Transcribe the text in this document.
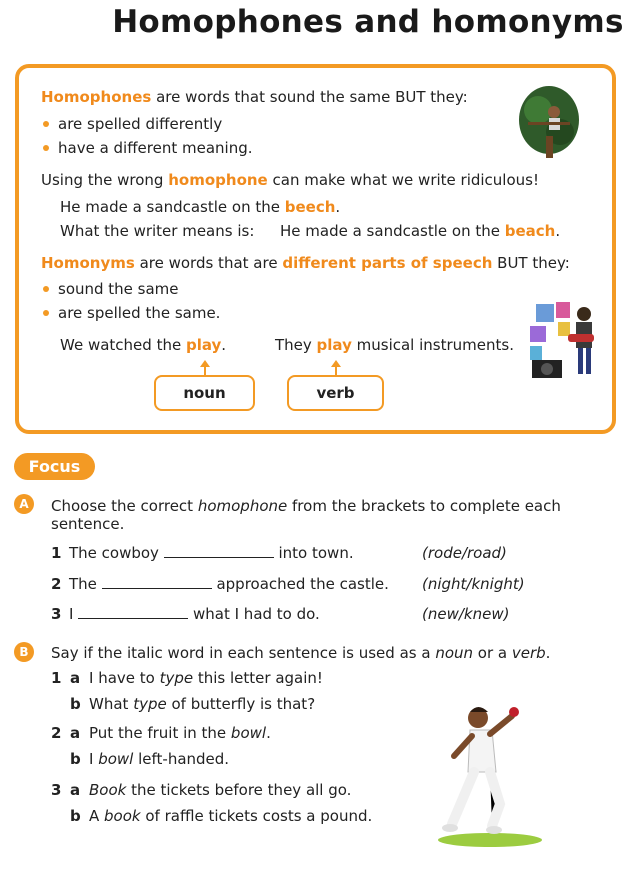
Homophones and homonyms
Homophones are words that sound the same BUT they:
are spelled differently
have a different meaning.
Using the wrong homophone can make what we write ridiculous!
He made a sandcastle on the beech.
What the writer means is: He made a sandcastle on the beach.
Homonyms are words that are different parts of speech BUT they:
sound the same
are spelled the same.
We watched the play.	They play musical instruments.
noun	verb
Focus
A	Choose the correct homophone from the brackets to complete each
sentence.
1 The cowboy	into town.	(rode/road)
2 The	approached the castle. (night/knight)
3 I	what I had to do.	(new/knew)
B	Say if the italic word in each sentence is used as a noun or a verb.
1 a I have to type this letter again!
b What type of butterfly is that?
2 a Put the fruit in the bowl.
b I bowl left-handed.
3 a Book the tickets before they all go.
b A book of raffle tickets costs a pound.
